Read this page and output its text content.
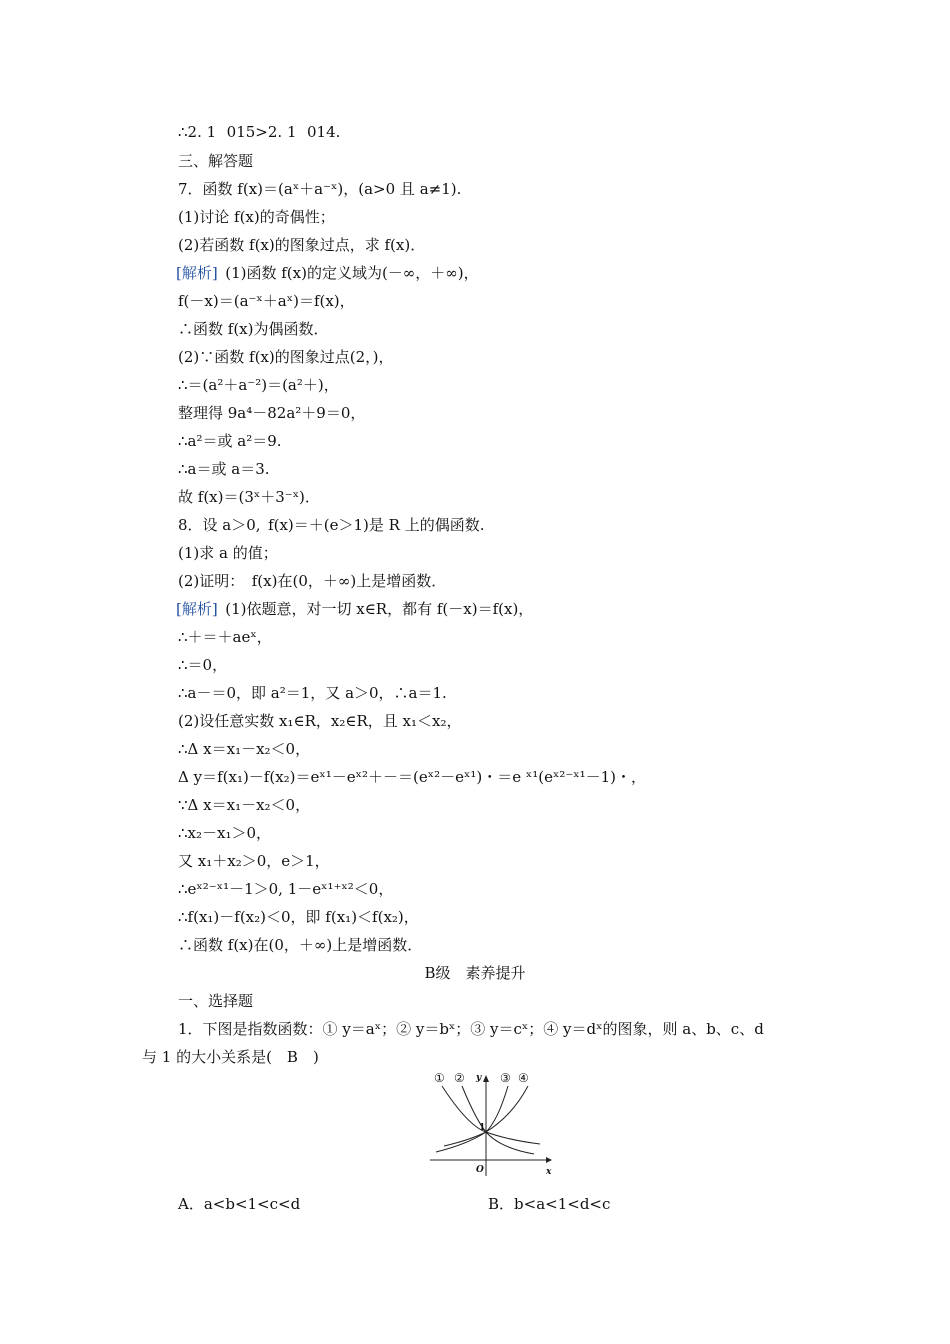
∴2. 1  015>2. 1  014.
三、解答题
7．函数 f(x)＝(aˣ＋a⁻ˣ)，(a>0 且 a≠1).
(1)讨论 f(x)的奇偶性；
(2)若函数 f(x)的图象过点，求 f(x)．
[解析] (1)函数 f(x)的定义域为(－∞，＋∞)，
f(－x)＝(a⁻ˣ＋aˣ)＝f(x)，
∴函数 f(x)为偶函数．
(2)∵函数 f(x)的图象过点(2，)，
∴＝(a²＋a⁻²)＝(a²＋)，
整理得 9a⁴－82a²＋9＝0，
∴a²＝或 a²＝9.
∴a＝或 a＝3.
故 f(x)＝(3ˣ＋3⁻ˣ)．
8．设 a＞0, f(x)＝＋(e＞1)是 R 上的偶函数.
(1)求 a 的值；
(2)证明： f(x)在(0，＋∞)上是增函数．
[解析] (1)依题意，对一切 x∈R，都有 f(－x)＝f(x)，
∴＋＝＋aeˣ，
∴＝0，
∴a－＝0，即 a²＝1，又 a＞0，∴a＝1.
(2)设任意实数 x₁∈R，x₂∈R，且 x₁＜x₂，
∴Δ x＝x₁－x₂＜0，
Δ y＝f(x₁)－f(x₂)＝eˣ¹－eˣ²＋－＝(eˣ²－eˣ¹)・＝e ˣ¹(eˣ²⁻ˣ¹－1)・，
∵Δ x＝x₁－x₂＜0，
∴x₂－x₁＞0，
又 x₁＋x₂＞0，e＞1，
∴eˣ²⁻ˣ¹－1＞0, 1－eˣ¹⁺ˣ²＜0，
∴f(x₁)－f(x₂)＜0，即 f(x₁)＜f(x₂)，
∴函数 f(x)在(0，＋∞)上是增函数．
B级 素养提升
一、选择题
1．下图是指数函数：① y＝aˣ；② y＝bˣ；③ y＝cˣ；④ y＝dˣ的图象，则 a、b、c、d
与 1 的大小关系是( B )
① ② y ③ ④
1
O	x
A．a<b<1<c<d	B．b<a<1<d<c
